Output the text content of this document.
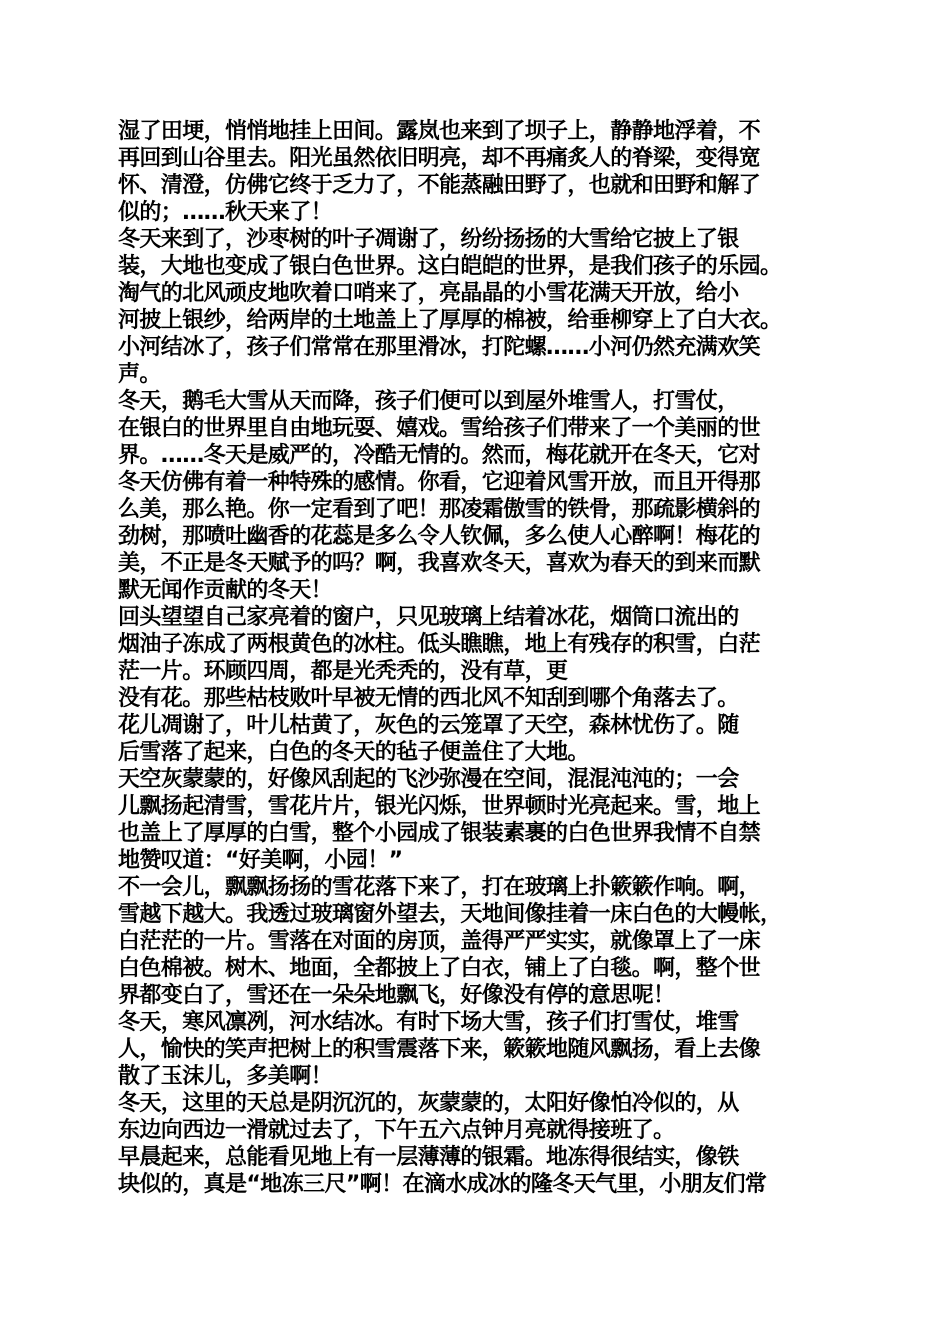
湿了田埂，悄悄地挂上田间。露岚也来到了坝子上，静静地浮着，不
再回到山谷里去。阳光虽然依旧明亮，却不再痛炙人的脊梁，变得宽
怀、清澄，仿佛它终于乏力了，不能蒸融田野了，也就和田野和解了
似的；……秋天来了！
冬天来到了，沙枣树的叶子凋谢了，纷纷扬扬的大雪给它披上了银
装，大地也变成了银白色世界。这白皑皑的世界，是我们孩子的乐园。
淘气的北风顽皮地吹着口哨来了，亮晶晶的小雪花满天开放，给小
河披上银纱，给两岸的土地盖上了厚厚的棉被，给垂柳穿上了白大衣。
小河结冰了，孩子们常常在那里滑冰，打陀螺……小河仍然充满欢笑
声。
冬天，鹅毛大雪从天而降，孩子们便可以到屋外堆雪人，打雪仗，
在银白的世界里自由地玩耍、嬉戏。雪给孩子们带来了一个美丽的世
界。……冬天是威严的，冷酷无情的。然而，梅花就开在冬天，它对
冬天仿佛有着一种特殊的感情。你看，它迎着风雪开放，而且开得那
么美，那么艳。你一定看到了吧！那凌霜傲雪的铁骨，那疏影横斜的
劲树，那喷吐幽香的花蕊是多么令人钦佩，多么使人心醉啊！梅花的
美，不正是冬天赋予的吗？啊，我喜欢冬天，喜欢为春天的到来而默
默无闻作贡献的冬天！
回头望望自己家亮着的窗户，只见玻璃上结着冰花，烟筒口流出的
烟油子冻成了两根黄色的冰柱。低头瞧瞧，地上有残存的积雪，白茫
茫一片。环顾四周，都是光秃秃的，没有草，更
没有花。那些枯枝败叶早被无情的西北风不知刮到哪个角落去了。
花儿凋谢了，叶儿枯黄了，灰色的云笼罩了天空，森林忧伤了。随
后雪落了起来，白色的冬天的毡子便盖住了大地。
天空灰蒙蒙的，好像风刮起的飞沙弥漫在空间，混混沌沌的；一会
儿飘扬起清雪，雪花片片，银光闪烁，世界顿时光亮起来。雪，地上
也盖上了厚厚的白雪，整个小园成了银装素裹的白色世界我情不自禁
地赞叹道：“好美啊，小园！”
不一会儿，飘飘扬扬的雪花落下来了，打在玻璃上扑簌簌作响。啊，
雪越下越大。我透过玻璃窗外望去，天地间像挂着一床白色的大幔帐，
白茫茫的一片。雪落在对面的房顶，盖得严严实实，就像罩上了一床
白色棉被。树木、地面，全都披上了白衣，铺上了白毯。啊，整个世
界都变白了，雪还在一朵朵地飘飞，好像没有停的意思呢！
冬天，寒风凛冽，河水结冰。有时下场大雪，孩子们打雪仗，堆雪
人，愉快的笑声把树上的积雪震落下来，簌簌地随风飘扬，看上去像
散了玉沫儿，多美啊！
冬天，这里的天总是阴沉沉的，灰蒙蒙的，太阳好像怕冷似的，从
东边向西边一滑就过去了，下午五六点钟月亮就得接班了。
早晨起来，总能看见地上有一层薄薄的银霜。地冻得很结实，像铁
块似的，真是“地冻三尺”啊！在滴水成冰的隆冬天气里，小朋友们常
